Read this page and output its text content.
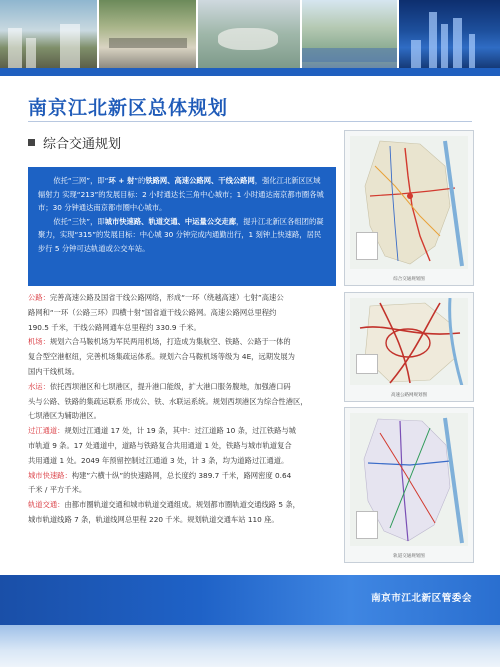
南京江北新区总体规划
综合交通规划

依托“三网”，即“环 + 射”的铁路网、高速公路网、干线公路网，强化江北新区区域辐射力 实现“213”的发展目标：2 小时通达长三角中心城市；1 小时通达南京都市圈各城市；30 分钟通达南京都市圈中心城市。

依托“三快”，即城市快速路、轨道交通、中运量公交走廊，提升江北新区各组团的凝聚力，实现“315”的发展目标：中心城 30 分钟完成内通勤出行，1 刻钟上快速路，居民步行 5 分钟可达轨道或公交车站。

公路：完善高速公路及国省干线公路网络，形成“一环（绕越高速）七射”高速公
路网和“一环（公路三环）四横十射”国省道干线公路网。高速公路网总里程约
190.5 千米，干线公路网通车总里程约 330.9 千米。
机场：规划六合马鞍机场为军民两用机场，打造成为集航空、铁路、公路于一体的
复合型空港枢纽，完善机场集疏运体系。规划六合马鞍机场等级为 4E，远期发展为
国内干线机场。
水运：依托西坝港区和七坝港区，提升港口能级，扩大港口服务腹地，加强港口码
头与公路、铁路的集疏运联系 形成公、铁、水联运系统。规划西坝港区为综合性港区，
七坝港区为辅助港区。
过江通道：规划过江通道 17 处，计 19 条，其中：过江道路 10 条，过江铁路与城
市轨道 9 条。17 处通道中，道路与铁路复合共用通道 1 处，铁路与城市轨道复合
共用通道 1 处。2049 年预留控制过江通道 3 处，计 3 条，均为道路过江通道。
城市快速路：构建”六横十纵”的快速路网，总长度约 389.7 千米，路网密度 0.64
千米 / 平方千米。
轨道交通：由都市圈轨道交通和城市轨道交通组成。规划都市圈轨道交通线路 5 条，
城市轨道线路 7 条，轨道线网总里程 220 千米。规划轨道交通车站 110 座。
综合交通规划图
高速公路网规划图
轨道交通规划图
南京市江北新区管委会
